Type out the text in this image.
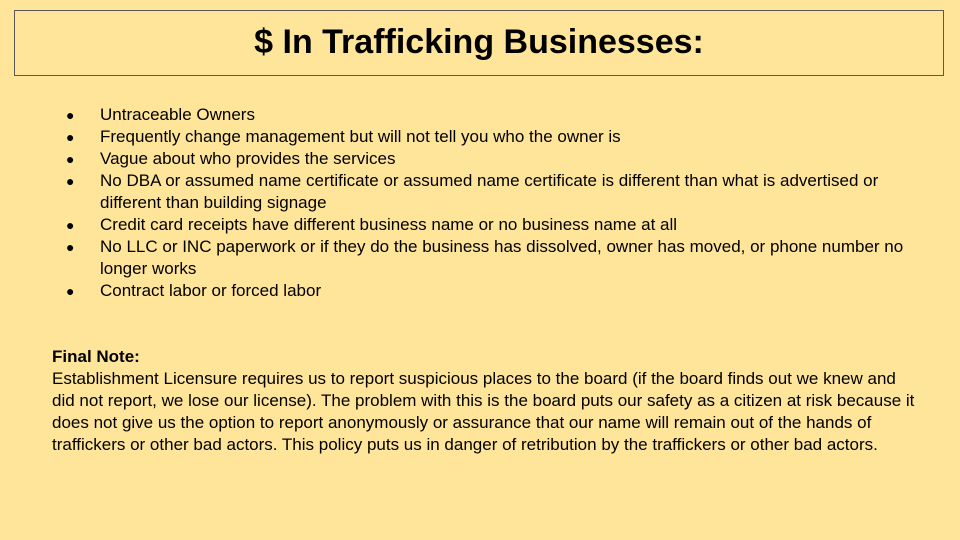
$ In Trafficking Businesses:
● Untraceable Owners
● Frequently change management but will not tell you who the owner is
● Vague about who provides the services
● No DBA or assumed name certificate or assumed name certificate is different than what is advertised or different than building signage
● Credit card receipts have different business name or no business name at all
● No LLC or INC paperwork or if they do the business has dissolved, owner has moved, or phone number no longer works
● Contract labor or forced labor
Final Note:
Establishment Licensure requires us to report suspicious places to the board (if the board finds out we knew and did not report, we lose our license). The problem with this is the board puts our safety as a citizen at risk because it does not give us the option to report anonymously or assurance that our name will remain out of the hands of traffickers or other bad actors. This policy puts us in danger of retribution by the traffickers or other bad actors.
